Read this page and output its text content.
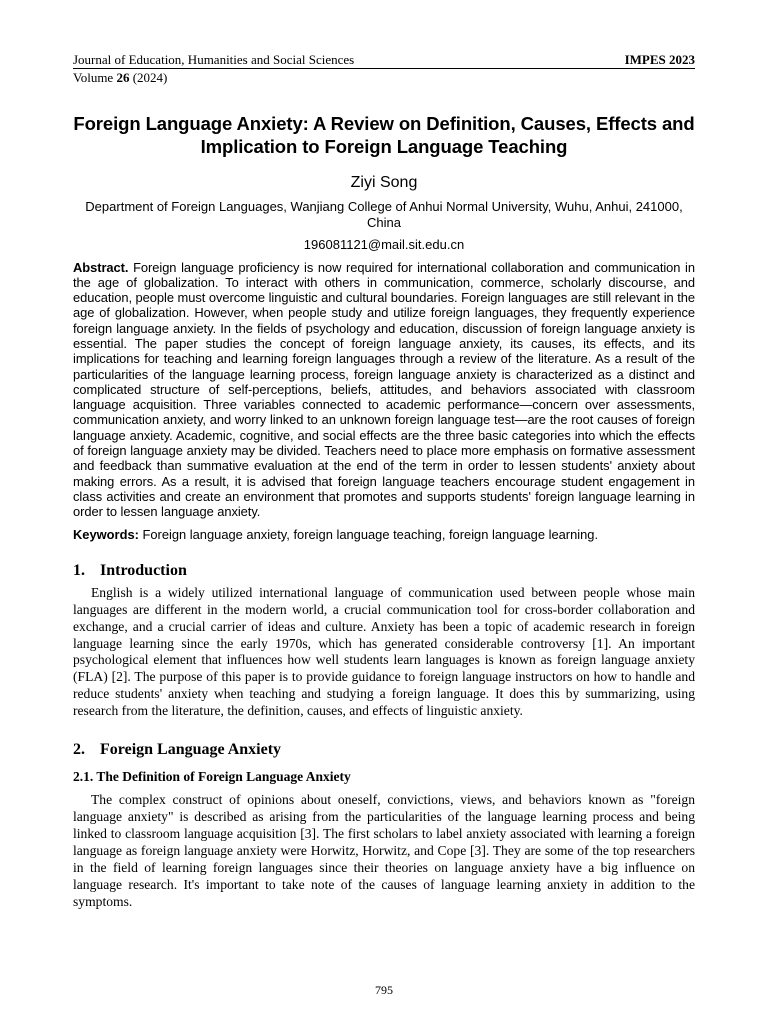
Journal of Education, Humanities and Social Sciences	IMPES 2023
Volume 26 (2024)
Foreign Language Anxiety: A Review on Definition, Causes, Effects and Implication to Foreign Language Teaching
Ziyi Song
Department of Foreign Languages, Wanjiang College of Anhui Normal University, Wuhu, Anhui, 241000, China
196081121@mail.sit.edu.cn
Abstract. Foreign language proficiency is now required for international collaboration and communication in the age of globalization. To interact with others in communication, commerce, scholarly discourse, and education, people must overcome linguistic and cultural boundaries. Foreign languages are still relevant in the age of globalization. However, when people study and utilize foreign languages, they frequently experience foreign language anxiety. In the fields of psychology and education, discussion of foreign language anxiety is essential. The paper studies the concept of foreign language anxiety, its causes, its effects, and its implications for teaching and learning foreign languages through a review of the literature. As a result of the particularities of the language learning process, foreign language anxiety is characterized as a distinct and complicated structure of self-perceptions, beliefs, attitudes, and behaviors associated with classroom language acquisition. Three variables connected to academic performance—concern over assessments, communication anxiety, and worry linked to an unknown foreign language test—are the root causes of foreign language anxiety. Academic, cognitive, and social effects are the three basic categories into which the effects of foreign language anxiety may be divided. Teachers need to place more emphasis on formative assessment and feedback than summative evaluation at the end of the term in order to lessen students' anxiety about making errors. As a result, it is advised that foreign language teachers encourage student engagement in class activities and create an environment that promotes and supports students' foreign language learning in order to lessen language anxiety.
Keywords: Foreign language anxiety, foreign language teaching, foreign language learning.
1. Introduction

English is a widely utilized international language of communication used between people whose main languages are different in the modern world, a crucial communication tool for cross-border collaboration and exchange, and a crucial carrier of ideas and culture. Anxiety has been a topic of academic research in foreign language learning since the early 1970s, which has generated considerable controversy [1]. An important psychological element that influences how well students learn languages is known as foreign language anxiety (FLA) [2]. The purpose of this paper is to provide guidance to foreign language instructors on how to handle and reduce students' anxiety when teaching and studying a foreign language. It does this by summarizing, using research from the literature, the definition, causes, and effects of linguistic anxiety.

2. Foreign Language Anxiety
2.1. The Definition of Foreign Language Anxiety

The complex construct of opinions about oneself, convictions, views, and behaviors known as "foreign language anxiety" is described as arising from the particularities of the language learning process and being linked to classroom language acquisition [3]. The first scholars to label anxiety associated with learning a foreign language as foreign language anxiety were Horwitz, Horwitz, and Cope [3]. They are some of the top researchers in the field of learning foreign languages since their theories on language anxiety have a big influence on language research. It's important to take note of the causes of language learning anxiety in addition to the symptoms.

795
